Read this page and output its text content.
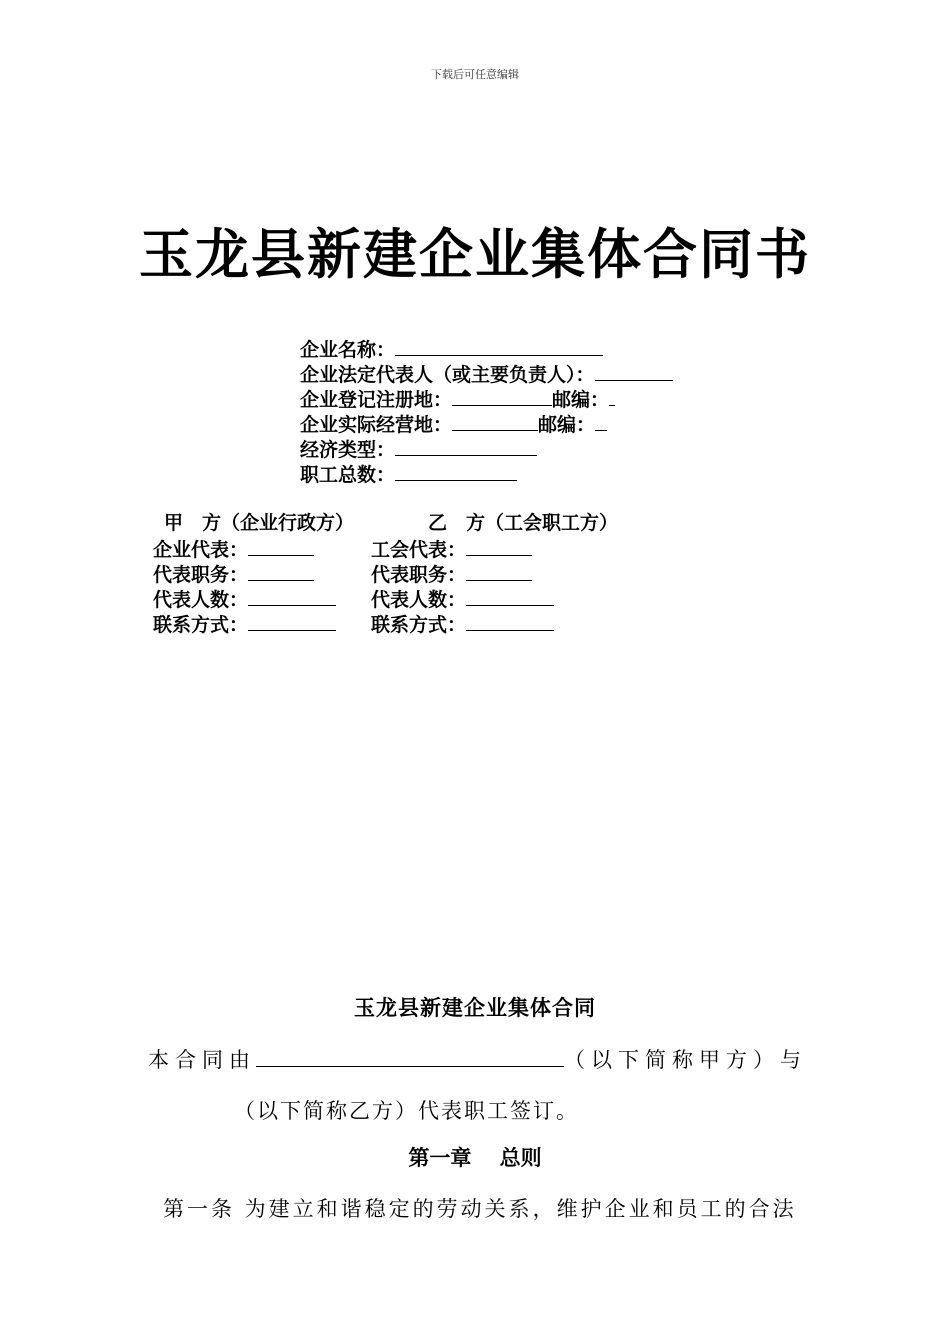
下载后可任意编辑
玉龙县新建企业集体合同书
企业名称：
企业法定代表人（或主要负责人）：
企业登记注册地：	邮编：
企业实际经营地：	邮编：
经济类型：
职工总数：
甲　方（企业行政方）
企业代表：
代表职务：
代表人数：
联系方式：
乙　方（工会职工方）
工会代表：
代表职务：
代表人数：
联系方式：
玉龙县新建企业集体合同
本合同由	（以下简称甲方）与
（以下简称乙方）代表职工签订。
第一章　 总则
第一条 为建立和谐稳定的劳动关系，维护企业和员工的合法
